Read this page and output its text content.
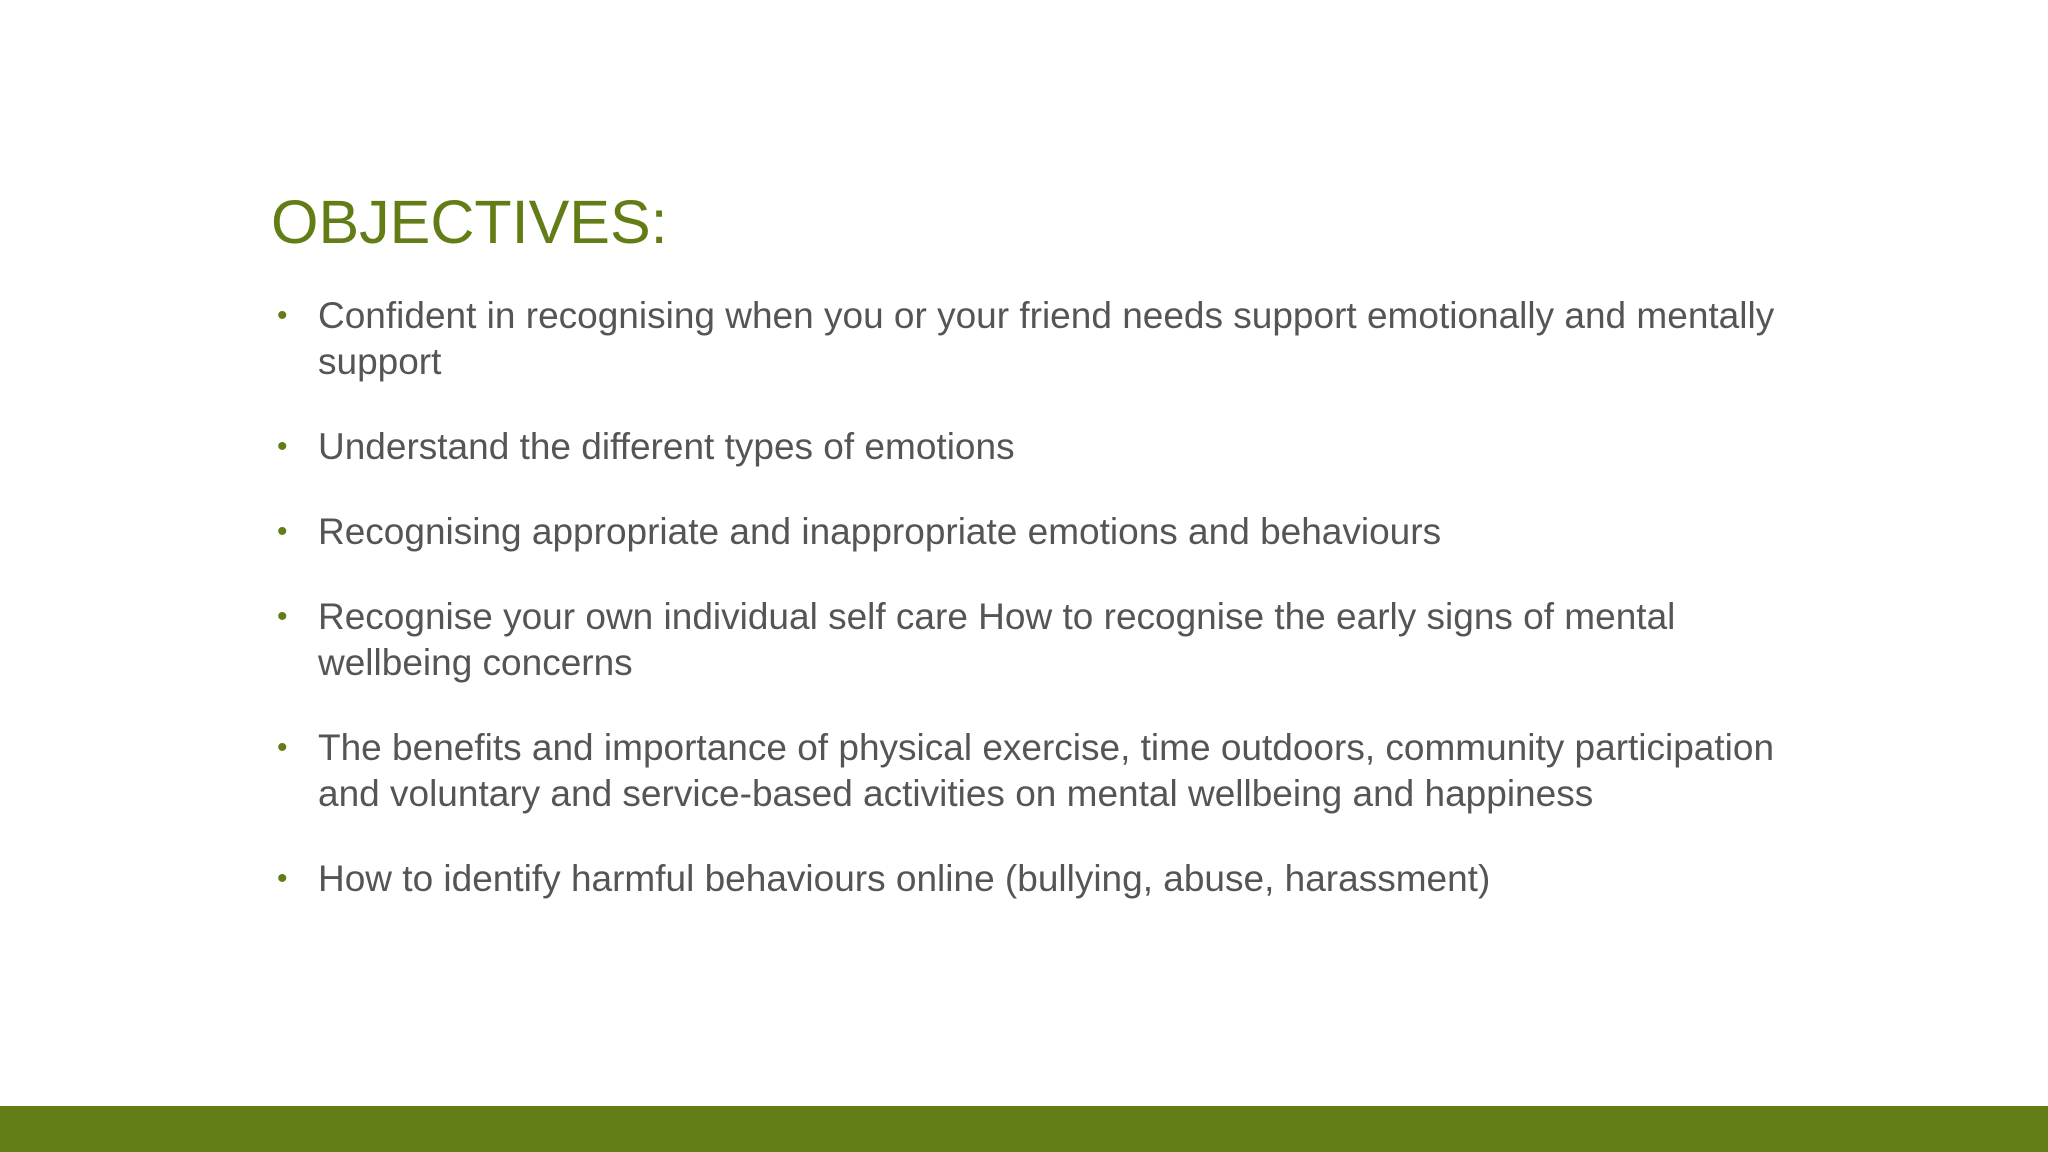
OBJECTIVES:
• Confident in recognising when you or your friend needs support emotionally and mentally support
• Understand the different types of emotions
• Recognising appropriate and inappropriate emotions and behaviours
• Recognise your own individual self care How to recognise the early signs of mental wellbeing concerns
• The benefits and importance of physical exercise, time outdoors, community participation and voluntary and service-based activities on mental wellbeing and happiness
• How to identify harmful behaviours online (bullying, abuse, harassment)
